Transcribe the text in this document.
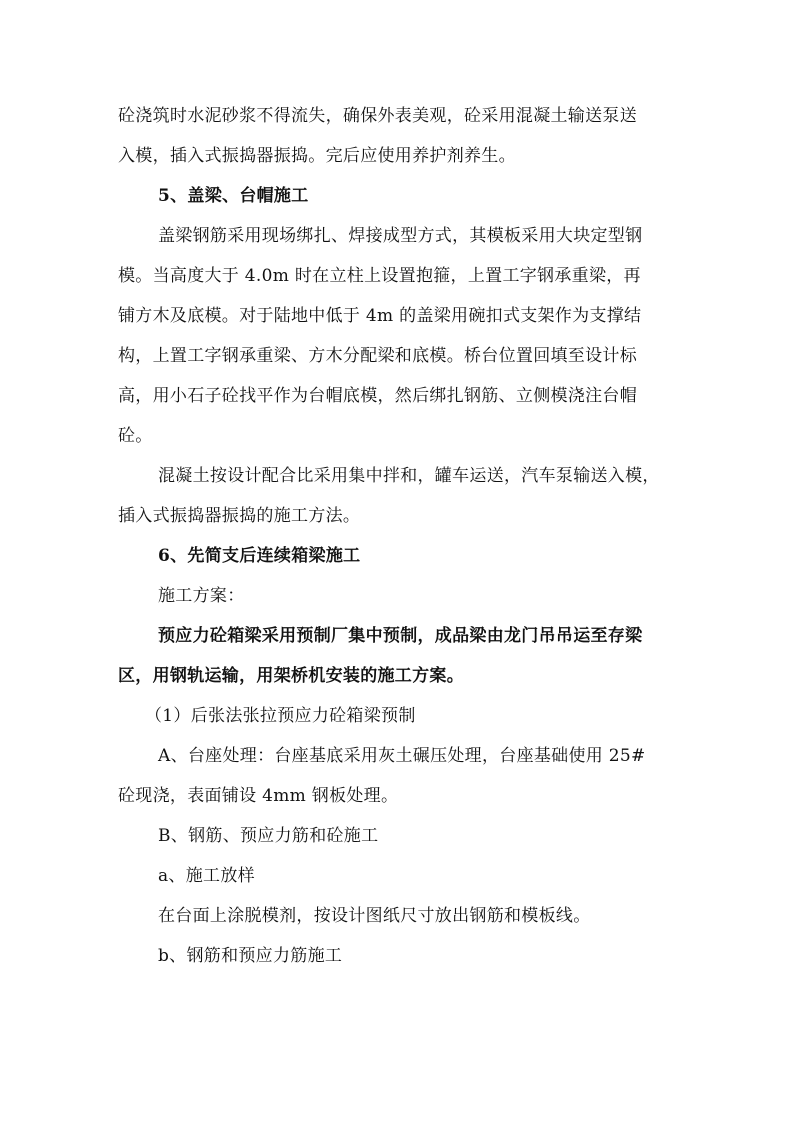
砼浇筑时水泥砂浆不得流失，确保外表美观，砼采用混凝土输送泵送
入模，插入式振捣器振捣。完后应使用养护剂养生。
5、盖梁、台帽施工
盖梁钢筋采用现场绑扎、焊接成型方式，其模板采用大块定型钢
模。当高度大于 4.0m 时在立柱上设置抱箍，上置工字钢承重梁，再
铺方木及底模。对于陆地中低于 4m 的盖梁用碗扣式支架作为支撑结
构，上置工字钢承重梁、方木分配梁和底模。桥台位置回填至设计标
高，用小石子砼找平作为台帽底模，然后绑扎钢筋、立侧模浇注台帽
砼。
混凝土按设计配合比采用集中拌和，罐车运送，汽车泵输送入模，
插入式振捣器振捣的施工方法。
6、先简支后连续箱梁施工
施工方案：
预应力砼箱梁采用预制厂集中预制，成品梁由龙门吊吊运至存梁
区，用钢轨运输，用架桥机安装的施工方案。
（1）后张法张拉预应力砼箱梁预制
A、台座处理：台座基底采用灰土碾压处理，台座基础使用 25#
砼现浇，表面铺设 4mm 钢板处理。
B、钢筋、预应力筋和砼施工
a、施工放样
在台面上涂脱模剂，按设计图纸尺寸放出钢筋和模板线。
b、钢筋和预应力筋施工
